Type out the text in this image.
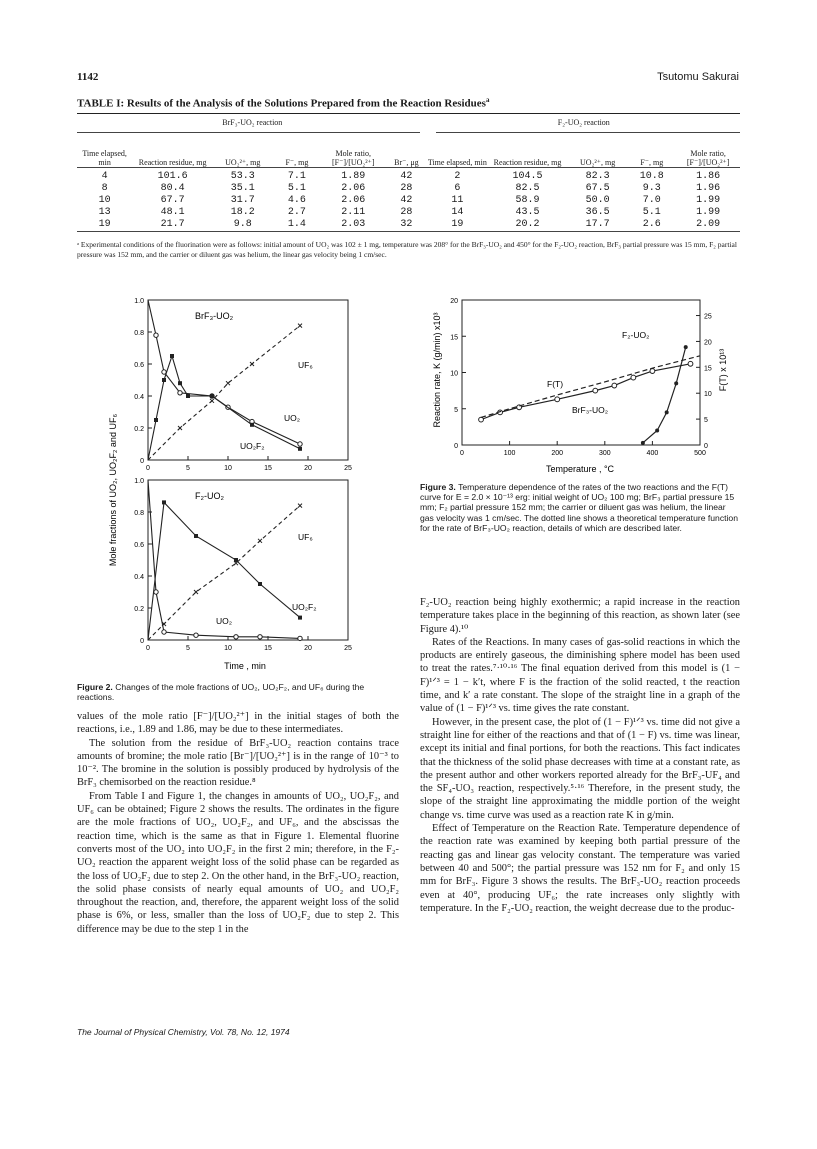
1142	Tsutomu Sakurai
TABLE I: Results of the Analysis of the Solutions Prepared from the Reaction Residues$^a$
BrF₃-UO₂ reaction						F₂-UO₂ reaction				

Time elapsed, min	Reaction residue, mg	UO₂²⁺, mg	F⁻, mg	Mole ratio, [F⁻]/[UO₂²⁺]	Br⁻, μg	Time elapsed, min	Reaction residue, mg	UO₂²⁺, mg	F⁻, mg	Mole ratio, [F⁻]/[UO₂²⁺]

4	101.6	53.3	7.1	1.89	42	2	104.5	82.3	10.8	1.86
8	80.4	35.1	5.1	2.06	28	6	82.5	67.5	9.3	1.96
10	67.7	31.7	4.6	2.06	42	11	58.9	50.0	7.0	1.99
13	48.1	18.2	2.7	2.11	28	14	43.5	36.5	5.1	1.99
19	21.7	9.8	1.4	2.03	32	19	20.2	17.7	2.6	2.09

ᵃ Experimental conditions of the fluorination were as follows: initial amount of UO₂ was 102 ± 1 mg, temperature was 208° for the BrF₃-UO₂ and 450° for the F₂-UO₂ reaction, BrF₃ partial pressure was 15 mm, F₂ partial pressure was 152 mm, and the carrier or diluent gas was helium, the linear gas velocity being 1 cm/sec.
0
0.2
0.4
0.6
0.8
1.0
0	5	10	15	20	25
0
0.2
0.4
0.6
0.8
1.0
0	5	10	15	20	25
Mole fractions of UO₂, UO₂F₂ and UF₆
BrF₃-UO₂
F₂-UO₂
UF₆
UO₂
UO₂F₂
UF₆
UO₂F₂
UO₂
Time , min
Figure 2. Changes of the mole fractions of UO₂, UO₂F₂, and UF₆ during the reactions.
0
5
10
15
20
0
5
10
15
20
25
0	100	200	300	400	500
Reaction rate, K (g/min) x10³	F(T) x 10¹³
F₂-UO₂
BrF₃-UO₂
F(T)
Temperature , °C
Figure 3. Temperature dependence of the rates of the two reactions and the F(T) curve for E = 2.0 × 10⁻¹³ erg: initial weight of UO₂ 100 mg; BrF₃ partial pressure 15 mm; F₂ partial pressure 152 mm; the carrier or diluent gas was helium, the linear gas velocity was 1 cm/sec. The dotted line shows a theoretical temperature function for the rate of BrF₃-UO₂ reaction, details of which are described later.

values of the mole ratio [F⁻]/[UO₂²⁺] in the initial stages of both the reactions, i.e., 1.89 and 1.86, may be due to these intermediates.

The solution from the residue of BrF₃-UO₂ reaction contains trace amounts of bromine; the mole ratio [Br⁻]/[UO₂²⁺] is in the range of 10⁻³ to 10⁻². The bromine in the solution is possibly produced by hydrolysis of the BrF₃ chemisorbed on the reaction residue.⁸

From Table I and Figure 1, the changes in amounts of UO₂, UO₂F₂, and UF₆ can be obtained; Figure 2 shows the results. The ordinates in the figure are the mole fractions of UO₂, UO₂F₂, and UF₆, and the abscissas the reaction time, which is the same as that in Figure 1. Elemental fluorine converts most of the UO₂ into UO₂F₂ in the first 2 min; therefore, in the F₂-UO₂ reaction the apparent weight loss of the solid phase can be regarded as the loss of UO₂F₂ due to step 2. On the other hand, in the BrF₃-UO₂ reaction, the solid phase consists of nearly equal amounts of UO₂ and UO₂F₂ throughout the reaction, and, therefore, the apparent weight loss of the solid phase is 6%, or less, smaller than the loss of UO₂F₂ due to step 2. This difference may be due to the step 1 in the

F₂-UO₂ reaction being highly exothermic; a rapid increase in the reaction temperature takes place in the beginning of this reaction, as shown later (see Figure 4).¹⁰

Rates of the Reactions. In many cases of gas-solid reactions in which the products are entirely gaseous, the diminishing sphere model has been used to treat the rates.⁷·¹⁰·¹⁶ The final equation derived from this model is (1 − F)¹ᐟ³ = 1 − k′t, where F is the fraction of the solid reacted, t the reaction time, and k′ a rate constant. The slope of the straight line in a graph of the value of (1 − F)¹ᐟ³ vs. time gives the rate constant.

However, in the present case, the plot of (1 − F)¹ᐟ³ vs. time did not give a straight line for either of the reactions and that of (1 − F) vs. time was linear, except its initial and final portions, for both the reactions. This fact indicates that the thickness of the solid phase decreases with time at a constant rate, as the present author and other workers reported already for the BrF₃-UF₄ and the SF₄-UO₃ reaction, respectively.⁵·¹⁶ Therefore, in the present study, the slope of the straight line approximating the middle portion of the weight change vs. time curve was used as a reaction rate K in g/min.

Effect of Temperature on the Reaction Rate. Temperature dependence of the reaction rate was examined by keeping both partial pressure of the reacting gas and linear gas velocity constant. The temperature was varied between 40 and 500°; the partial pressure was 152 nm for F₂ and only 15 mm for BrF₃. Figure 3 shows the results. The BrF₃-UO₂ reaction proceeds even at 40°, producing UF₆; the rate increases only slightly with temperature. In the F₂-UO₂ reaction, the weight decrease due to the produc-

The Journal of Physical Chemistry, Vol. 78, No. 12, 1974
